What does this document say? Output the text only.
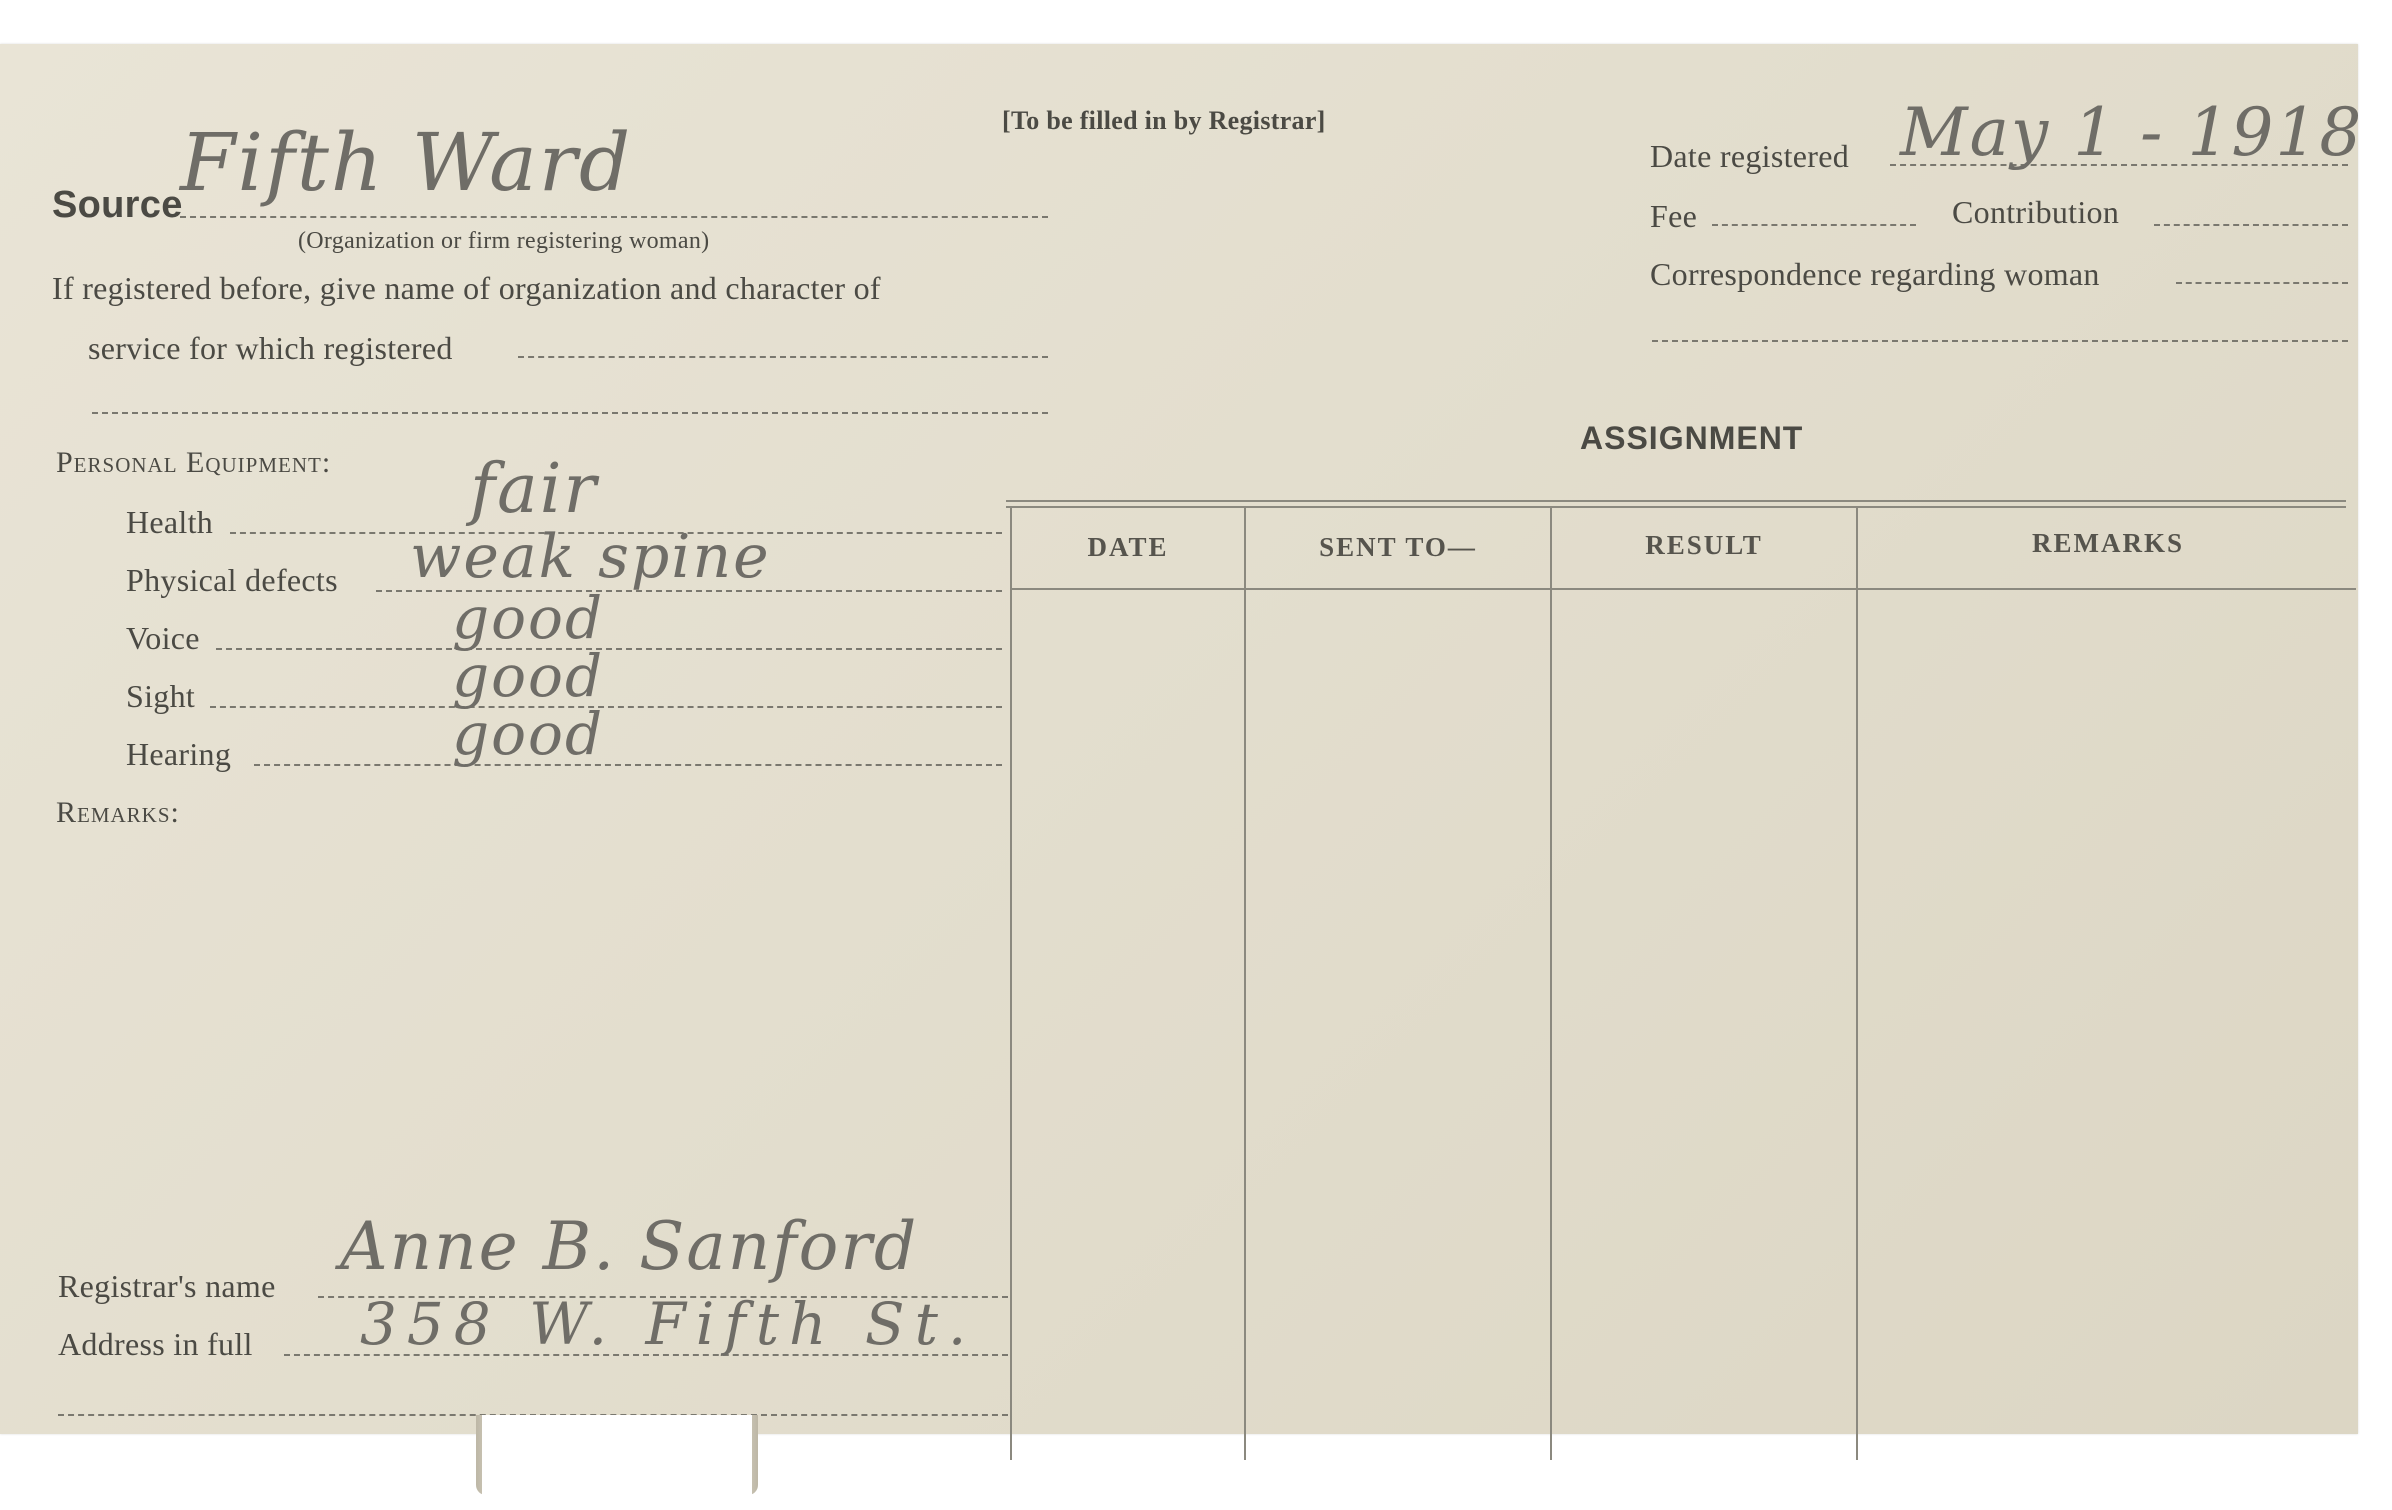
[To be filled in by Registrar]
Source
Fifth Ward
(Organization or firm registering woman)
If registered before, give name of organization and character of
service for which registered
Date registered May 1 - 1918
Fee	Contribution
Correspondence regarding woman
Personal Equipment:
Health	fair
Physical defects weak spine
Voice	good
Sight	good
Hearing	good
Remarks:
Registrar's name
Anne B. Sanford
Address in full 358 W. Fifth St.
ASSIGNMENT
DATE	SENT TO—	RESULT	REMARKS
